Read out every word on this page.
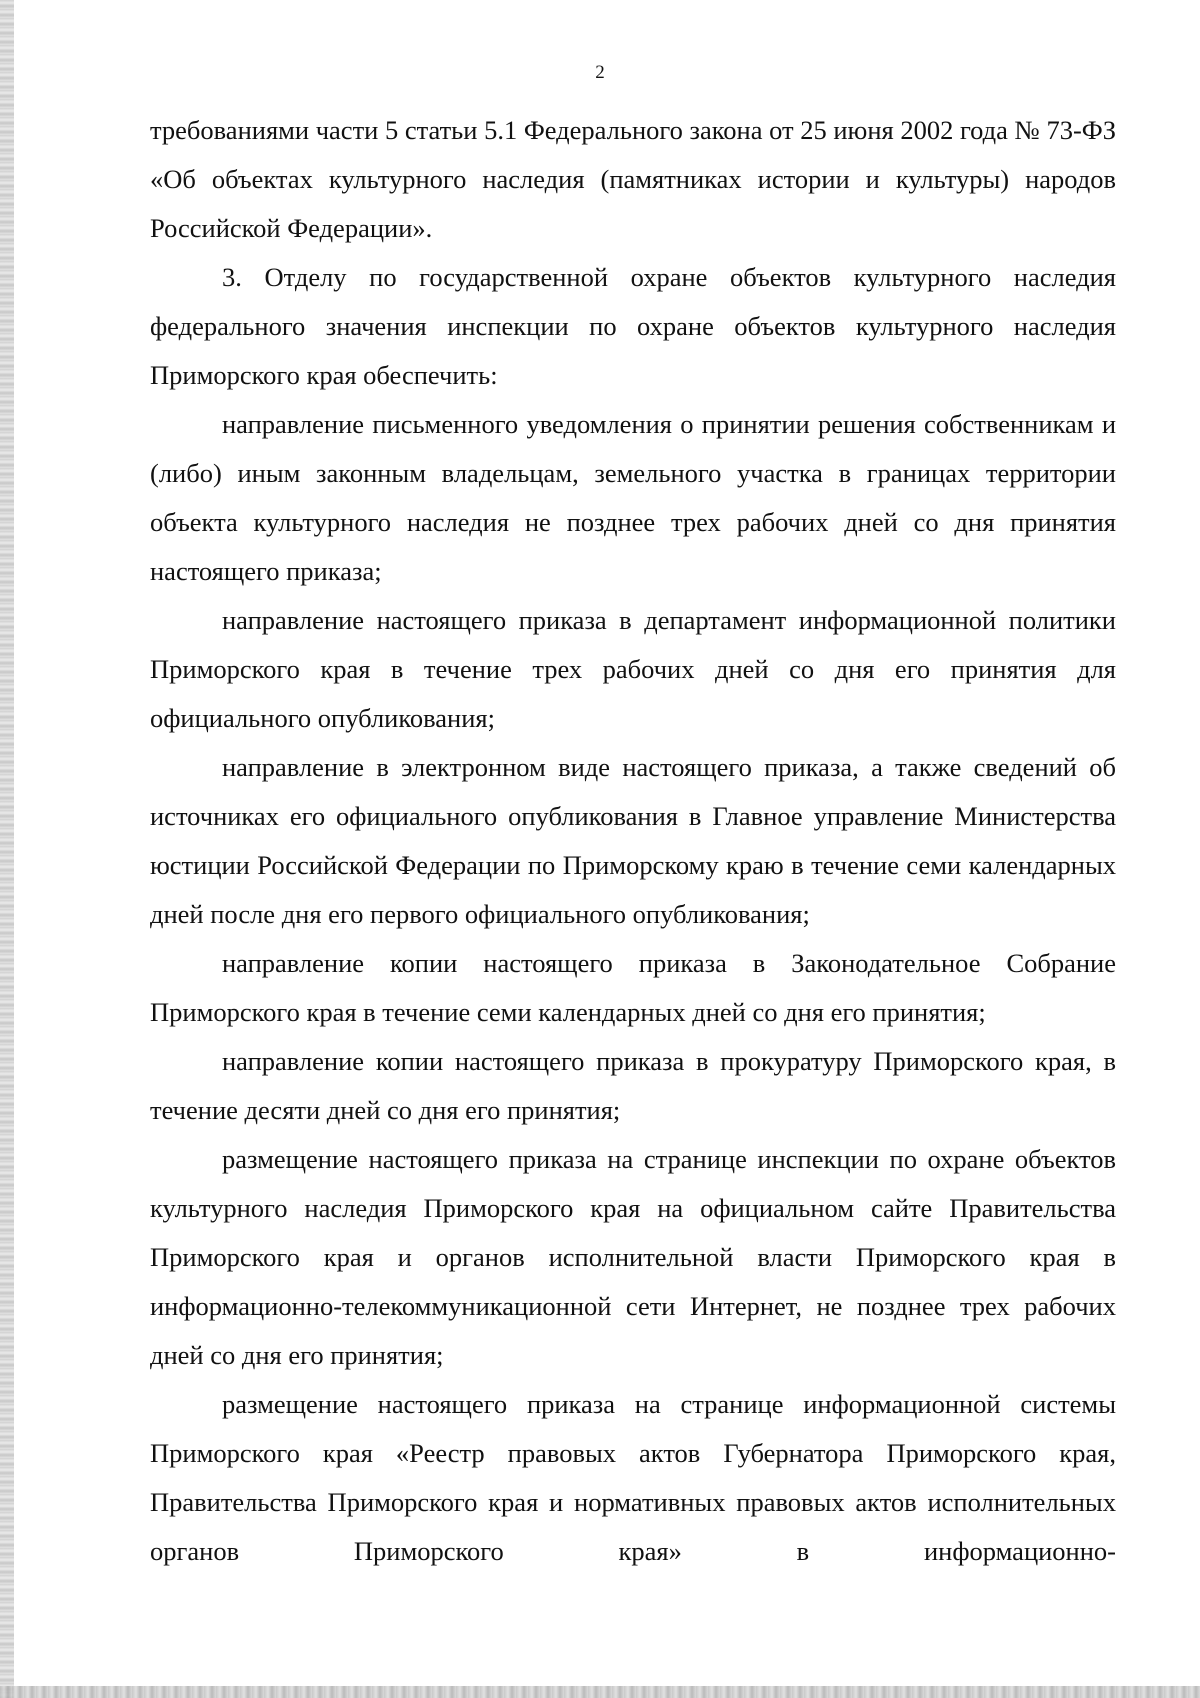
2

требованиями части 5 статьи 5.1 Федерального закона от 25 июня 2002 года № 73-ФЗ «Об объектах культурного наследия (памятниках истории и культуры) народов Российской Федерации».

3. Отделу по государственной охране объектов культурного наследия федерального значения инспекции по охране объектов культурного наследия Приморского края обеспечить:

направление письменного уведомления о принятии решения собственникам и (либо) иным законным владельцам, земельного участка в границах территории объекта культурного наследия не позднее трех рабочих дней со дня принятия настоящего приказа;

направление настоящего приказа в департамент информационной политики Приморского края в течение трех рабочих дней со дня его принятия для официального опубликования;

направление в электронном виде настоящего приказа, а также сведений об источниках его официального опубликования в Главное управление Министерства юстиции Российской Федерации по Приморскому краю в течение семи календарных дней после дня его первого официального опубликования;

направление копии настоящего приказа в Законодательное Собрание Приморского края в течение семи календарных дней со дня его принятия;

направление копии настоящего приказа в прокуратуру Приморского края, в течение десяти дней со дня его принятия;

размещение настоящего приказа на странице инспекции по охране объектов культурного наследия Приморского края на официальном сайте Правительства Приморского края и органов исполнительной власти Приморского края в информационно-телекоммуникационной сети Интернет, не позднее трех рабочих дней со дня его принятия;

размещение настоящего приказа на странице информационной системы Приморского края «Реестр правовых актов Губернатора Приморского края, Правительства Приморского края и нормативных правовых актов исполнительных органов Приморского края» в информационно-
